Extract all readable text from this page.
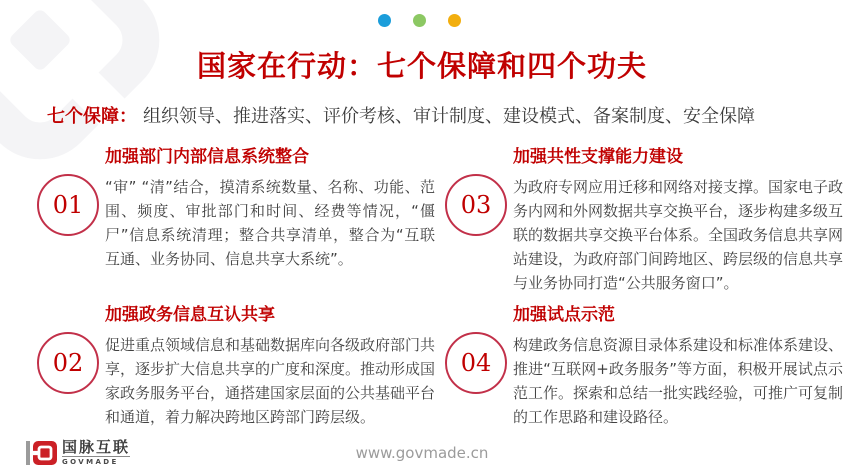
国家在行动：七个保障和四个功夫

七个保障： 组织领导、推进落实、评价考核、审计制度、建设模式、备案制度、安全保障

01
加强部门内部信息系统整合

“审” “清”结合，摸清系统数量、名称、功能、范围、频度、审批部门和时间、经费等情况，“僵尸”信息系统清理；整合共享清单，整合为“互联互通、业务协同、信息共享大系统”。

03
加强共性支撑能力建设

为政府专网应用迁移和网络对接支撑。国家电子政务内网和外网数据共享交换平台，逐步构建多级互联的数据共享交换平台体系。全国政务信息共享网站建设，为政府部门间跨地区、跨层级的信息共享与业务协同打造“公共服务窗口”。

02
加强政务信息互认共享

促进重点领域信息和基础数据库向各级政府部门共享，逐步扩大信息共享的广度和深度。推动形成国家政务服务平台，通搭建国家层面的公共基础平台和通道，着力解决跨地区跨部门跨层级。

04
加强试点示范

构建政务信息资源目录体系建设和标准体系建设、推进“互联网+政务服务”等方面，积极开展试点示范工作。探索和总结一批实践经验，可推广可复制的工作思路和建设路径。

国脉互联
GOVMADE	www.govmade.cn
